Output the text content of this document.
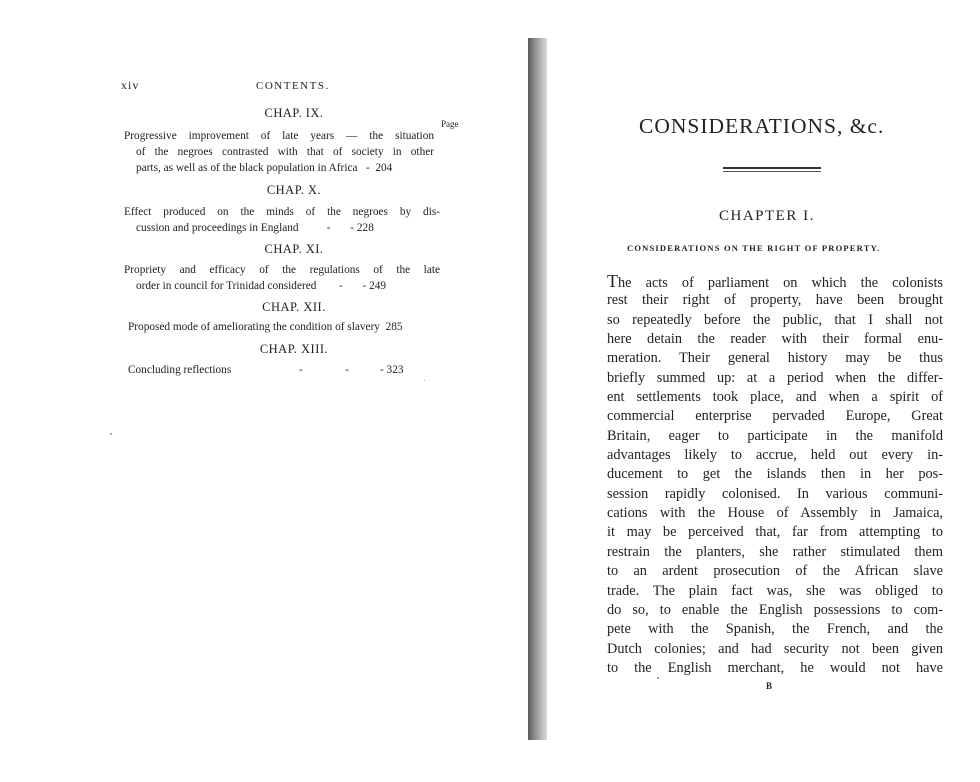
xiv	CONTENTS.
Page
CHAP. IX.
Progressive improvement of late years — the situation
of the negroes contrasted with that of society in other
parts, as well as of the black population in Africa   -  204
CHAP. X.
Effect produced on the minds of the negroes by dis-
cussion and proceedings in England          -       - 228
CHAP. XI.
Propriety and efficacy of the regulations of the late
order in council for Trinidad considered        -       - 249
CHAP. XII.
Proposed mode of ameliorating the condition of slavery 285
CHAP. XIII.
Concluding reflections                        -               -           - 323
CONSIDERATIONS, &c.
CHAPTER I.
CONSIDERATIONS ON THE RIGHT OF PROPERTY.
The acts of parliament on which the colonists
rest their right of property, have been brought
so repeatedly before the public, that I shall not
here detain the reader with their formal enu-
meration. Their general history may be thus
briefly summed up: at a period when the differ-
ent settlements took place, and when a spirit of
commercial enterprise pervaded Europe, Great
Britain, eager to participate in the manifold
advantages likely to accrue, held out every in-
ducement to get the islands then in her pos-
session rapidly colonised. In various communi-
cations with the House of Assembly in Jamaica,
it may be perceived that, far from attempting to
restrain the planters, she rather stimulated them
to an ardent prosecution of the African slave
trade. The plain fact was, she was obliged to
do so, to enable the English possessions to com-
pete with the Spanish, the French, and the
Dutch colonies; and had security not been given
to the English merchant, he would not have
B
